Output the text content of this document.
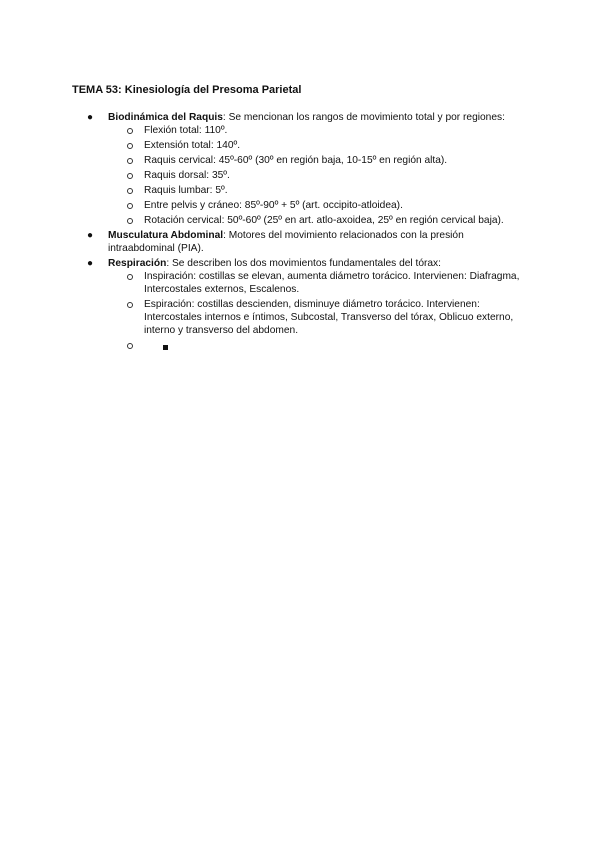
TEMA 53: Kinesiología del Presoma Parietal
● Biodinámica del Raquis: Se mencionan los rangos de movimiento total y por regiones:
Flexión total: 110º.
Extensión total: 140º.
Raquis cervical: 45º-60º (30º en región baja, 10-15º en región alta).
Raquis dorsal: 35º.
Raquis lumbar: 5º.
Entre pelvis y cráneo: 85º-90º + 5º (art. occipito-atloidea).
Rotación cervical: 50º-60º (25º en art. atlo-axoidea, 25º en región cervical baja).
● Musculatura Abdominal: Motores del movimiento relacionados con la presión intraabdominal (PIA).
● Respiración: Se describen los dos movimientos fundamentales del tórax:
Inspiración: costillas se elevan, aumenta diámetro torácico. Intervienen: Diafragma, Intercostales externos, Escalenos.
Espiración: costillas descienden, disminuye diámetro torácico. Intervienen: Intercostales internos e íntimos, Subcostal, Transverso del tórax, Oblicuo externo, interno y transverso del abdomen.
